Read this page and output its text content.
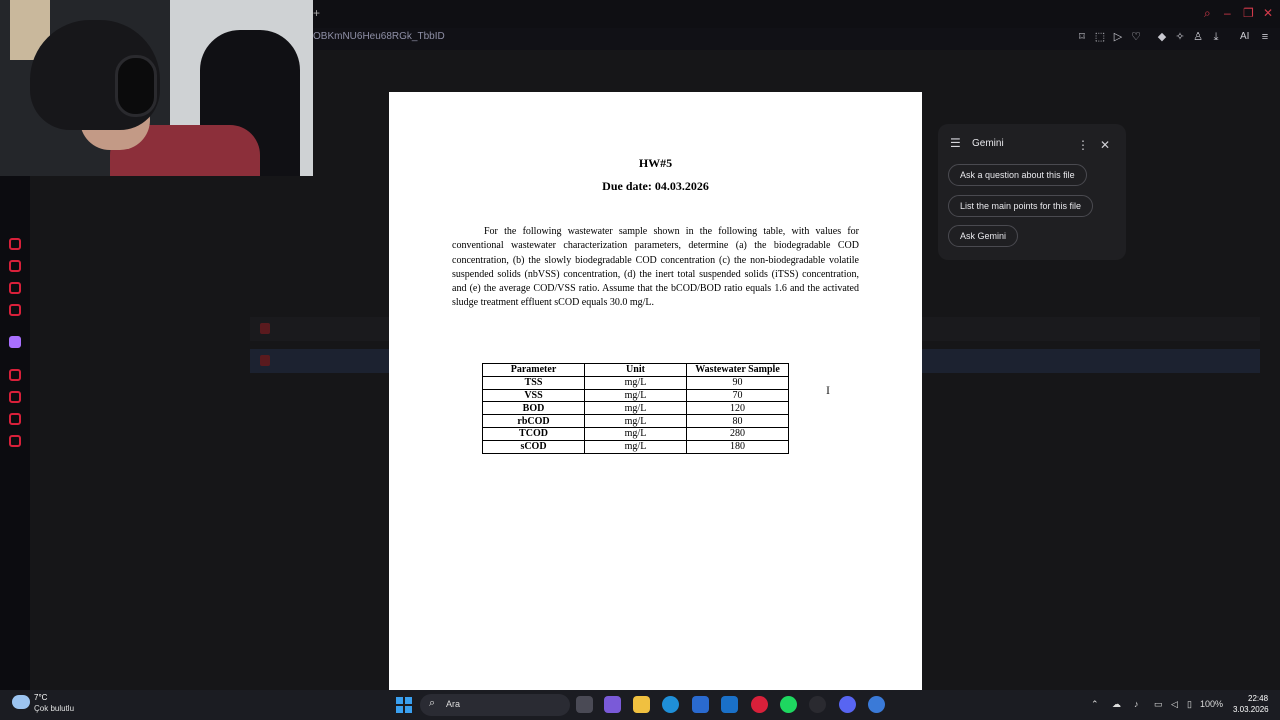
+	⌕ – ❐ ✕
OBKmNU6Heu68RGk_TbbID	⌑ ⬚ ▷ ♡ ◆ ✧ ♙ ⤓	AI	≡
HW#5
Due date: 04.03.2026

For the following wastewater sample shown in the following table, with values for conventional wastewater characterization parameters, determine (a) the biodegradable COD concentration, (b) the slowly biodegradable COD concentration (c) the non-biodegradable volatile suspended solids (nbVSS) concentration, (d) the inert total suspended solids (iTSS) concentration, and (e) the average COD/VSS ratio. Assume that the bCOD/BOD ratio equals 1.6 and the activated sludge treatment effluent sCOD equals 30.0 mg/L.

Parameter	Unit	Wastewater Sample
TSS	mg/L	90
VSS	mg/L	70
BOD	mg/L	120
rbCOD	mg/L	80
TCOD	mg/L	280
sCOD	mg/L	180
I
☰ Gemini	⋮ ✕
Ask a question about this file
List the main points for this file
Ask Gemini
7°C
Çok bulutlu	⌕ Ara	⌃ ☁ ♪ ▭ ◁ ▯ 100%
22:48
3.03.2026
